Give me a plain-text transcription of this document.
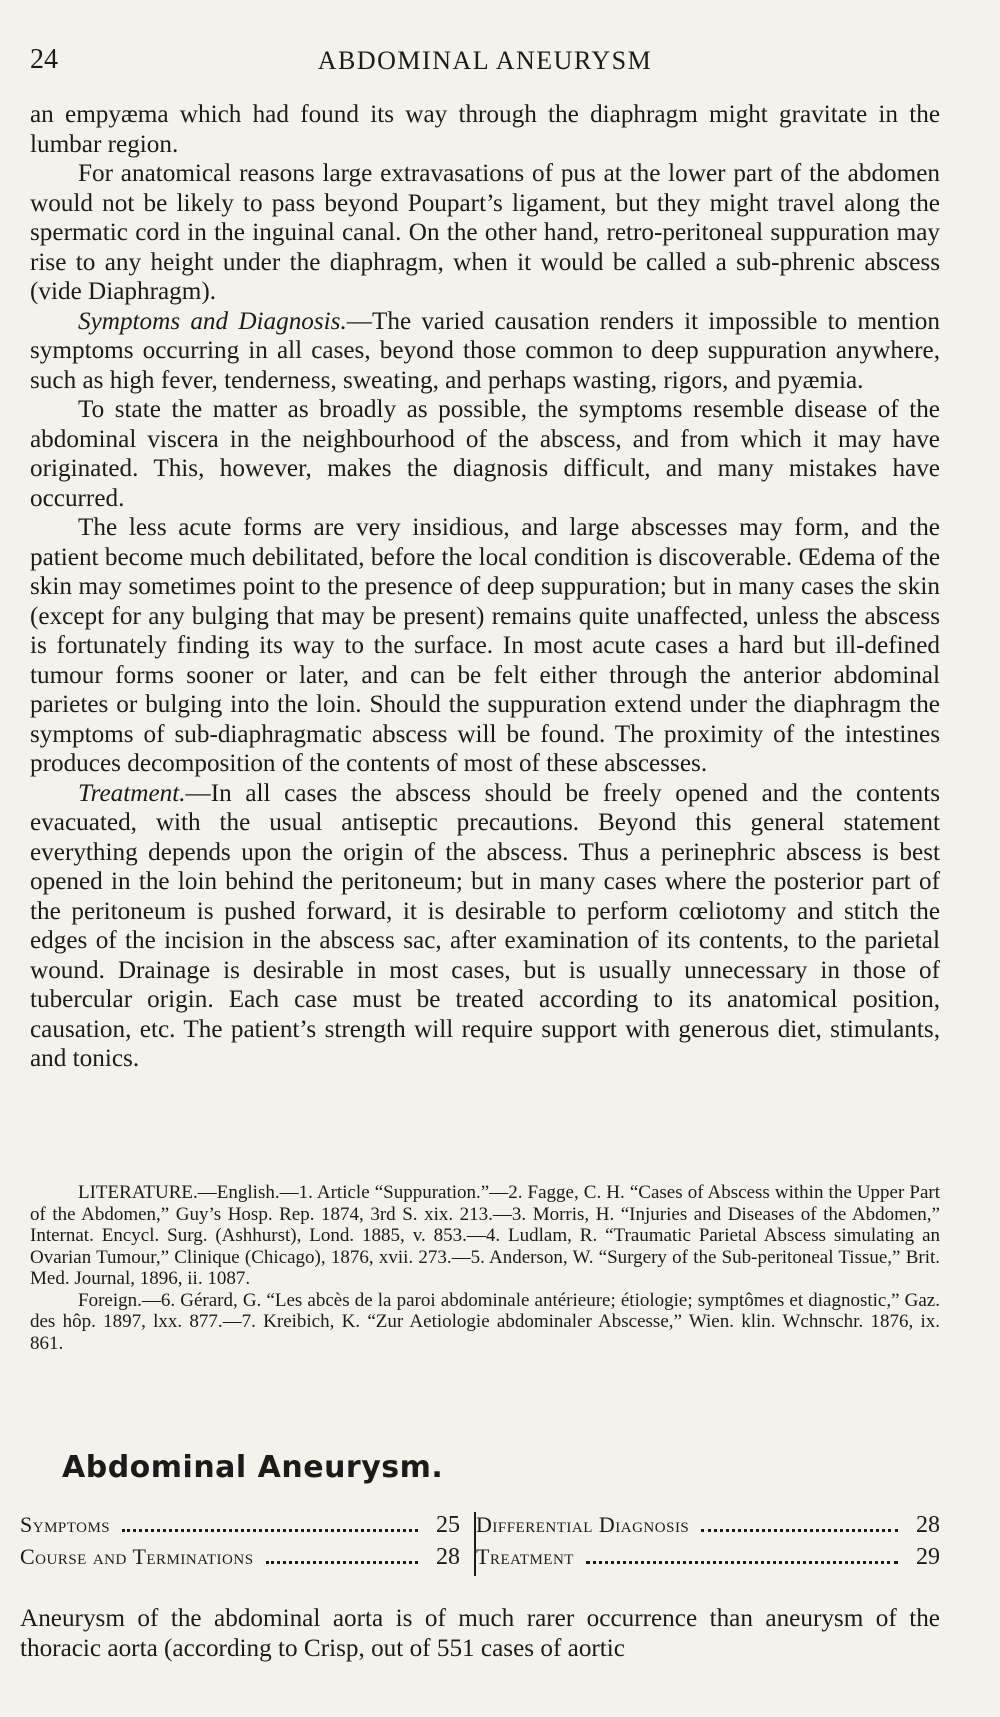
24	ABDOMINAL ANEURYSM

an empyæma which had found its way through the diaphragm might gravitate in the lumbar region.

For anatomical reasons large extravasations of pus at the lower part of the abdomen would not be likely to pass beyond Poupart’s ligament, but they might travel along the spermatic cord in the inguinal canal. On the other hand, retro-peritoneal suppuration may rise to any height under the diaphragm, when it would be called a sub-phrenic abscess (vide Diaphragm).

Symptoms and Diagnosis.—The varied causation renders it impossible to mention symptoms occurring in all cases, beyond those common to deep suppuration anywhere, such as high fever, tenderness, sweating, and perhaps wasting, rigors, and pyæmia.

To state the matter as broadly as possible, the symptoms resemble disease of the abdominal viscera in the neighbourhood of the abscess, and from which it may have originated. This, however, makes the diagnosis difficult, and many mistakes have occurred.

The less acute forms are very insidious, and large abscesses may form, and the patient become much debilitated, before the local condition is discoverable. Œdema of the skin may sometimes point to the presence of deep suppuration; but in many cases the skin (except for any bulging that may be present) remains quite unaffected, unless the abscess is fortunately finding its way to the surface. In most acute cases a hard but ill-defined tumour forms sooner or later, and can be felt either through the anterior abdominal parietes or bulging into the loin. Should the suppuration extend under the diaphragm the symptoms of sub-diaphragmatic abscess will be found. The proximity of the intestines produces decomposition of the contents of most of these abscesses.

Treatment.—In all cases the abscess should be freely opened and the contents evacuated, with the usual antiseptic precautions. Beyond this general statement everything depends upon the origin of the abscess. Thus a perinephric abscess is best opened in the loin behind the peritoneum; but in many cases where the posterior part of the peritoneum is pushed forward, it is desirable to perform cœliotomy and stitch the edges of the incision in the abscess sac, after examination of its contents, to the parietal wound. Drainage is desirable in most cases, but is usually unnecessary in those of tubercular origin. Each case must be treated according to its anatomical position, causation, etc. The patient’s strength will require support with generous diet, stimulants, and tonics.

LITERATURE.—English.—1. Article “Suppuration.”—2. Fagge, C. H. “Cases of Abscess within the Upper Part of the Abdomen,” Guy’s Hosp. Rep. 1874, 3rd S. xix. 213.—3. Morris, H. “Injuries and Diseases of the Abdomen,” Internat. Encycl. Surg. (Ashhurst), Lond. 1885, v. 853.—4. Ludlam, R. “Traumatic Parietal Abscess simulating an Ovarian Tumour,” Clinique (Chicago), 1876, xvii. 273.—5. Anderson, W. “Surgery of the Sub-peritoneal Tissue,” Brit. Med. Journal, 1896, ii. 1087.

Foreign.—6. Gérard, G. “Les abcès de la paroi abdominale antérieure; étiologie; symptômes et diagnostic,” Gaz. des hôp. 1897, lxx. 877.—7. Kreibich, K. “Zur Aetiologie abdominaler Abscesse,” Wien. klin. Wchnschr. 1876, ix. 861.

Abdominal Aneurysm.
Symptoms	25
Course and Terminations	28
Differential Diagnosis	28
Treatment	29

Aneurysm of the abdominal aorta is of much rarer occurrence than aneurysm of the thoracic aorta (according to Crisp, out of 551 cases of aortic
